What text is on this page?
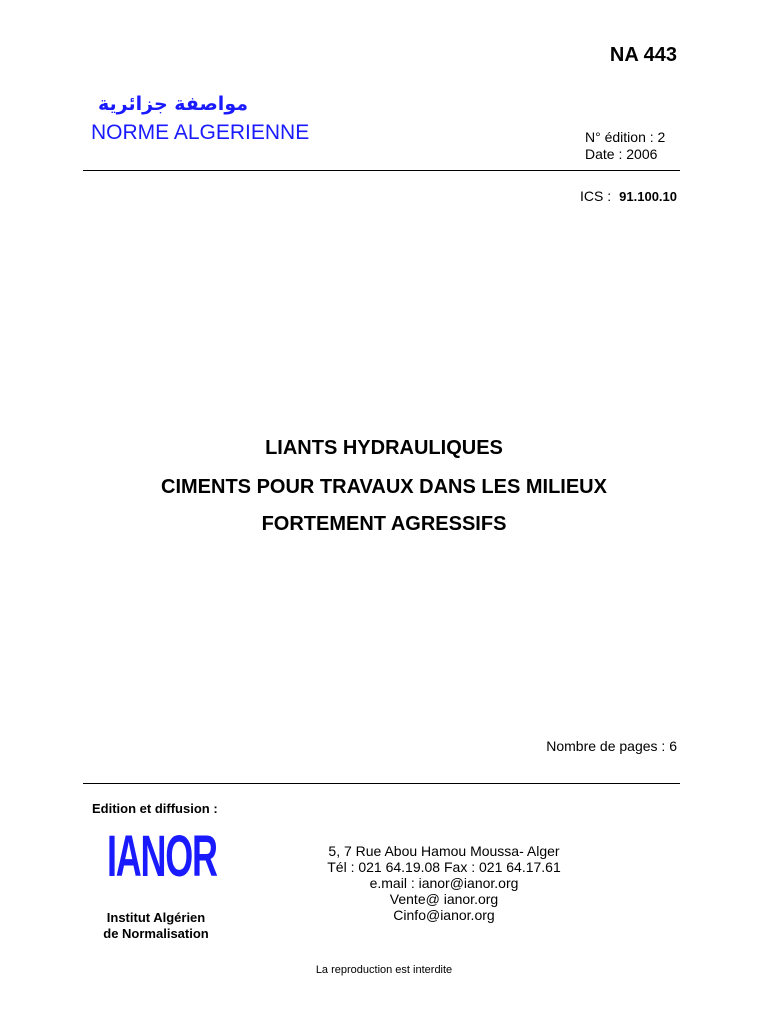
NA 443
مواصفة جزائرية
NORME ALGERIENNE	N° édition : 2
Date : 2006
ICS : 91.100.10
LIANTS HYDRAULIQUES
CIMENTS POUR TRAVAUX DANS LES MILIEUX
FORTEMENT AGRESSIFS
Nombre de pages : 6
Edition et diffusion :
IANOR
Institut Algérien
de Normalisation
5, 7 Rue Abou Hamou Moussa- Alger
Tél : 021 64.19.08 Fax : 021 64.17.61
e.mail : ianor@ianor.org
Vente@ ianor.org
Cinfo@ianor.org
La reproduction est interdite
